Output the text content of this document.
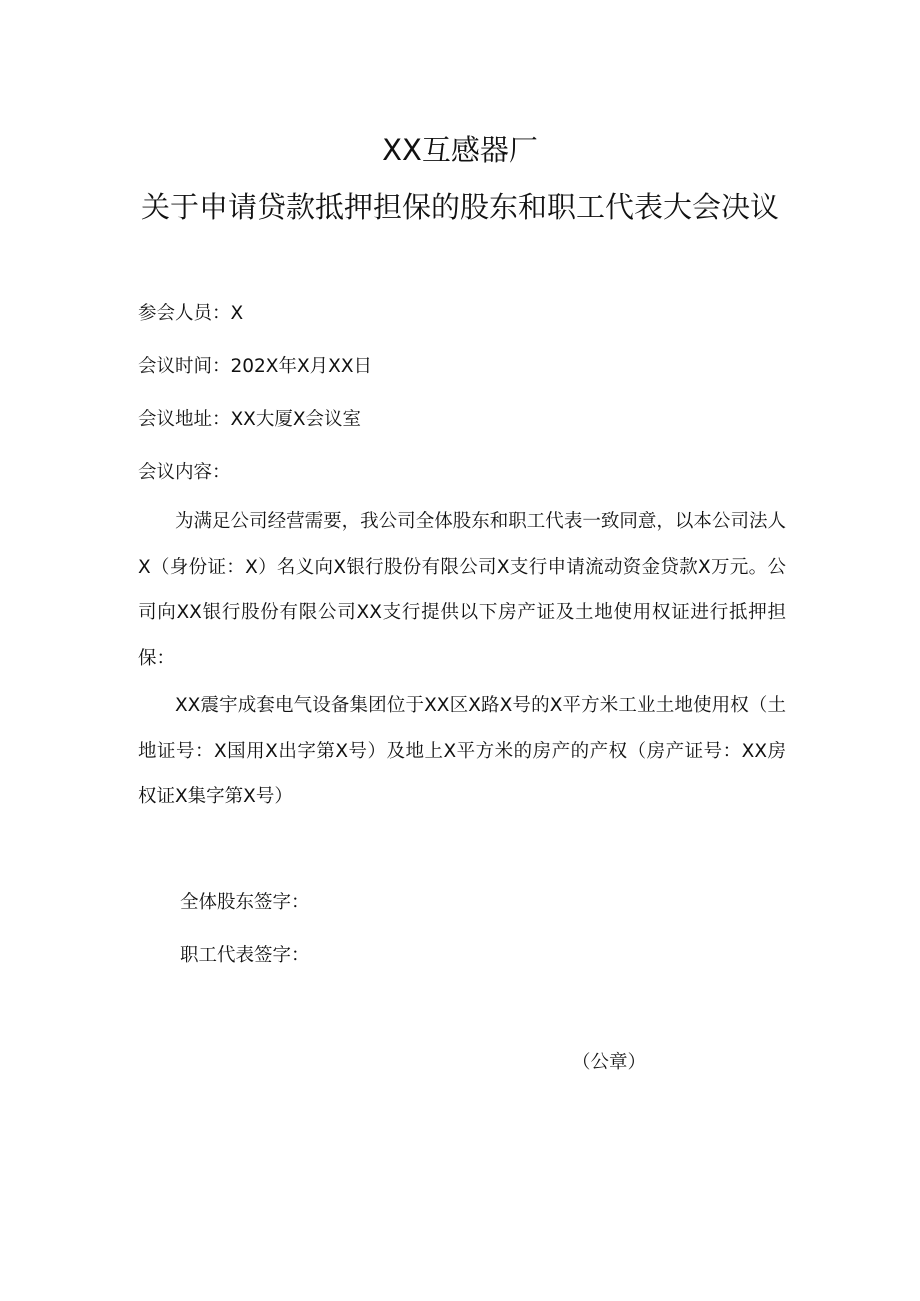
XX互感器厂
关于申请贷款抵押担保的股东和职工代表大会决议
参会人员：X
会议时间：202X年X月XX日
会议地址：XX大厦X会议室
会议内容：

为满足公司经营需要，我公司全体股东和职工代表一致同意，以本公司法人X（身份证：X）名义向X银行股份有限公司X支行申请流动资金贷款X万元。公司向XX银行股份有限公司XX支行提供以下房产证及土地使用权证进行抵押担保：

XX震宇成套电气设备集团位于XX区X路X号的X平方米工业土地使用权（土地证号：X国用X出字第X号）及地上X平方米的房产的产权（房产证号：XX房权证X集字第X号）

全体股东签字：
职工代表签字：
（公章）
